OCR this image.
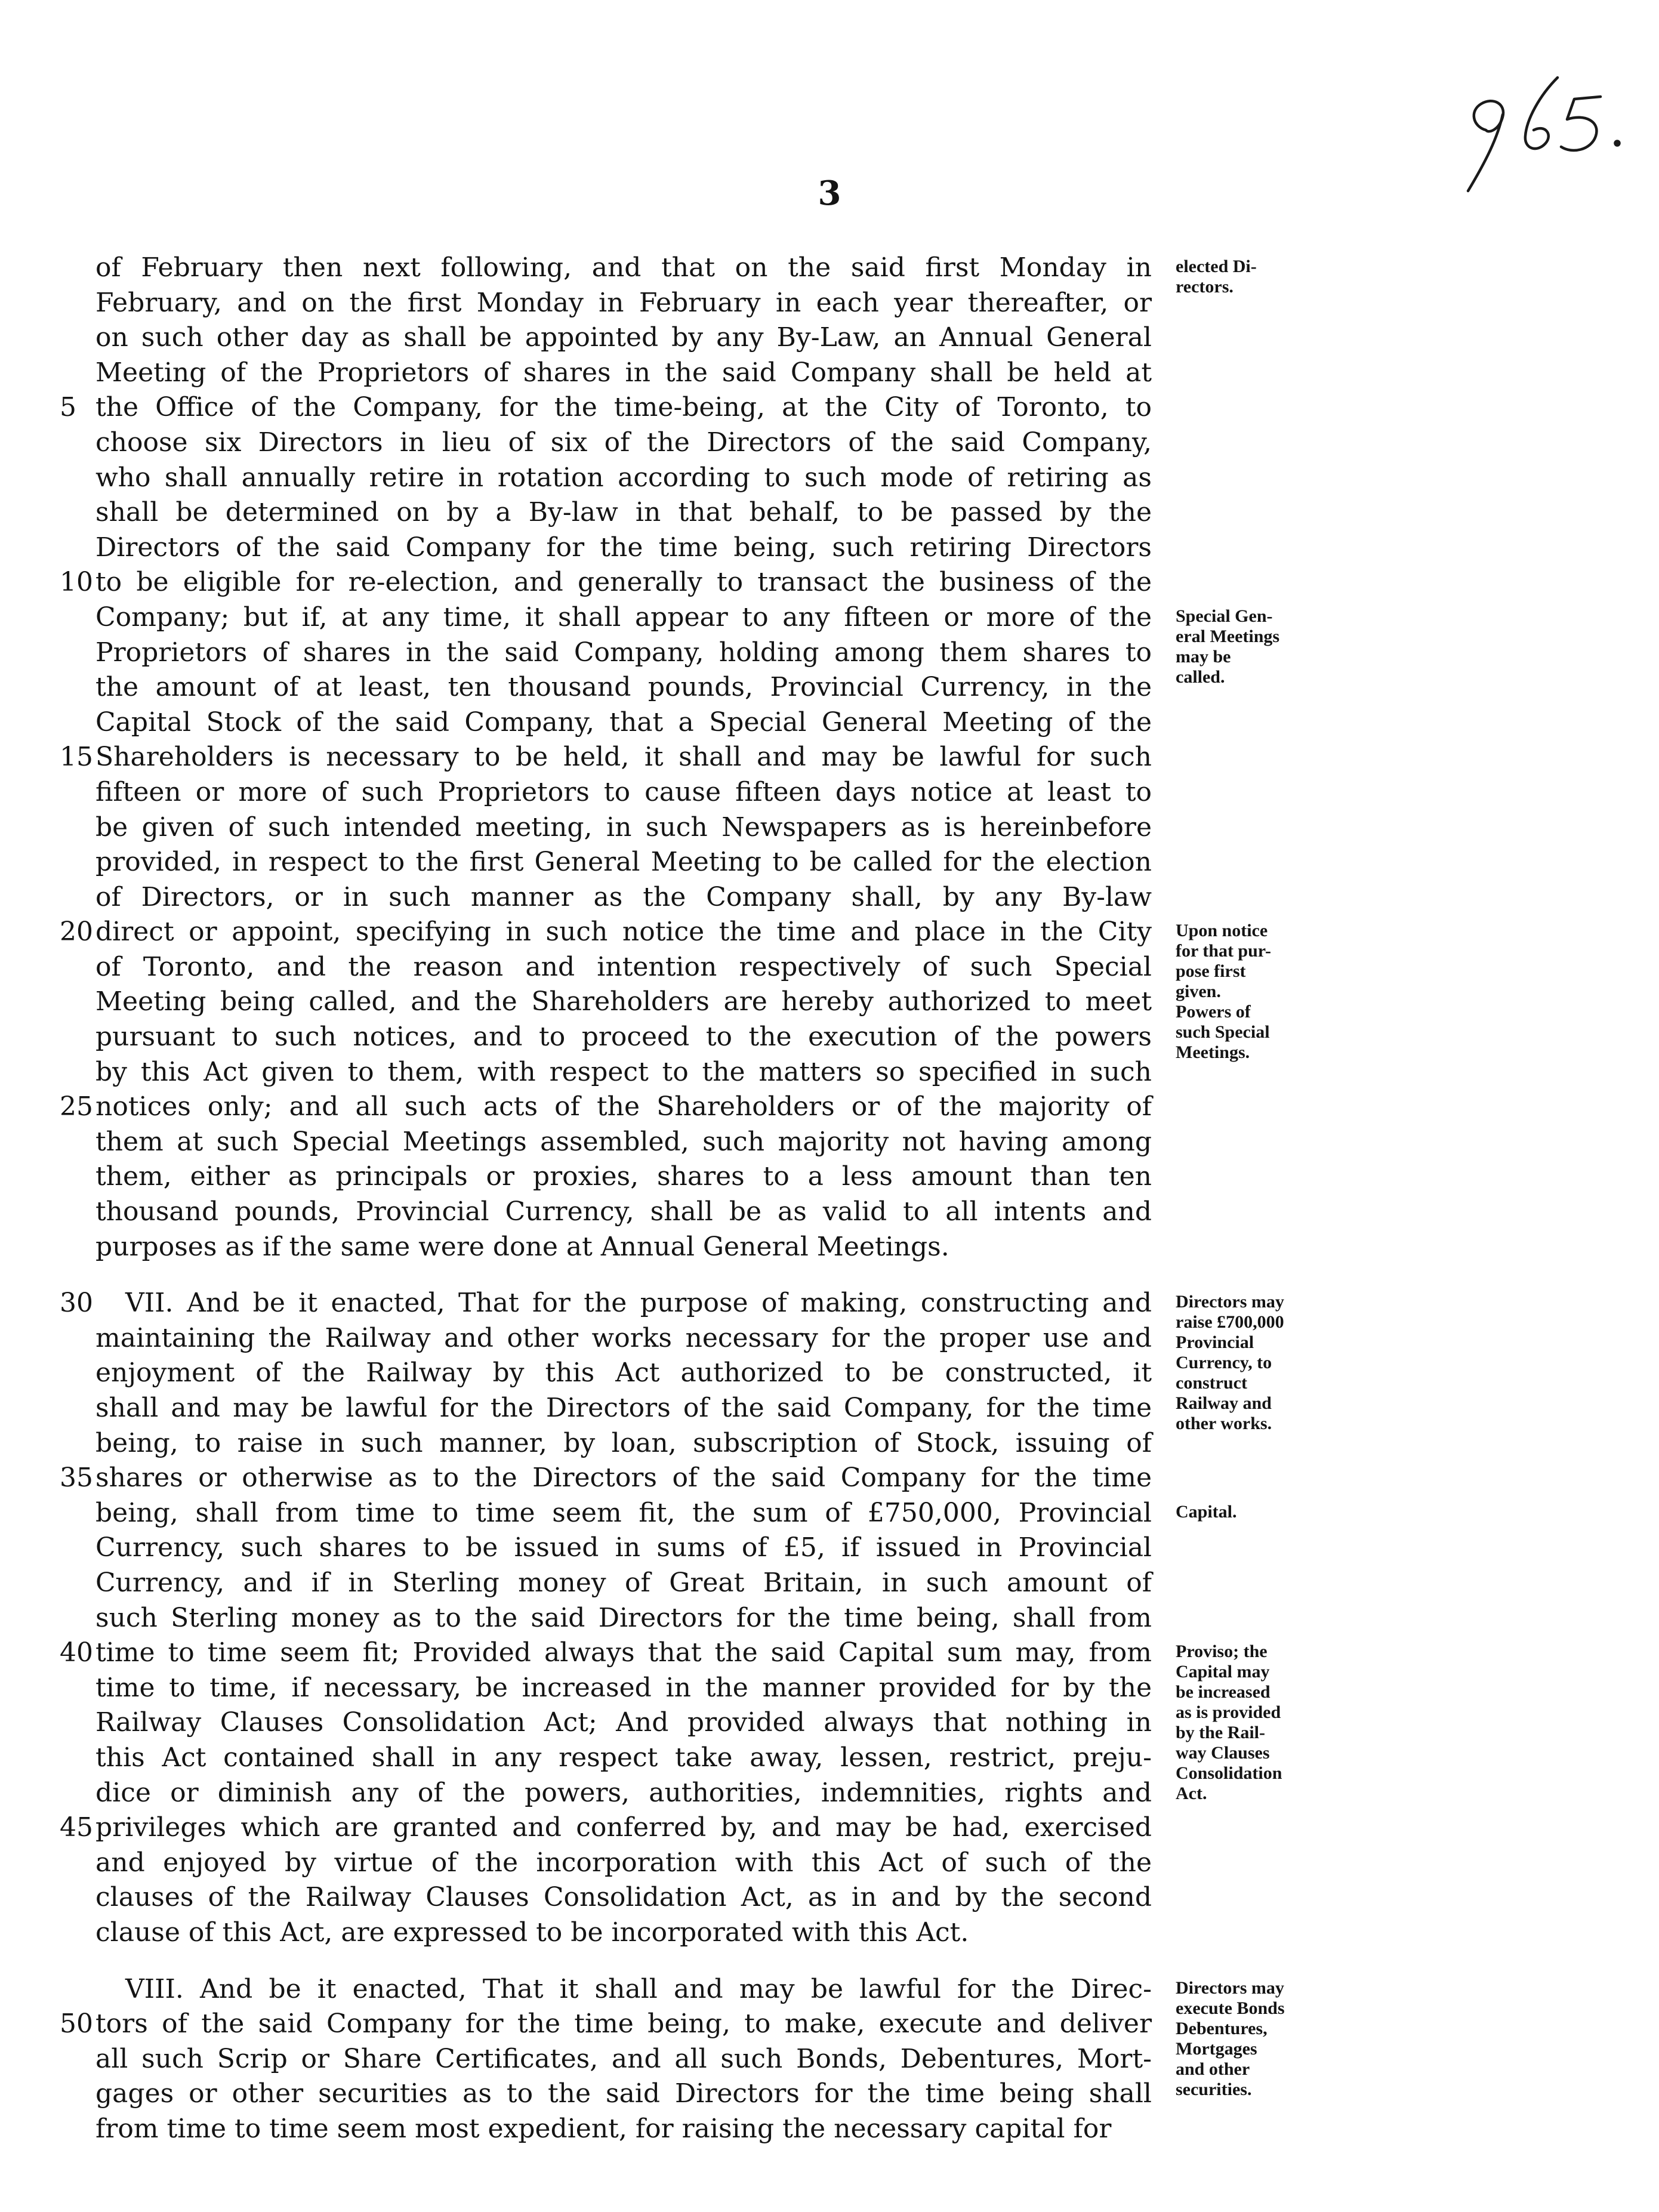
3
of February then next following, and that on the said first Monday in
February, and on the first Monday in February in each year thereafter, or
on such other day as shall be appointed by any By-Law, an Annual General
Meeting of the Proprietors of shares in the said Company shall be held at
5 the Office of the Company, for the time-being, at the City of Toronto, to
choose six Directors in lieu of six of the Directors of the said Company,
who shall annually retire in rotation according to such mode of retiring as
shall be determined on by a By-law in that behalf, to be passed by the
Directors of the said Company for the time being, such retiring Directors
10 to be eligible for re-election, and generally to transact the business of the
Company; but if, at any time, it shall appear to any fifteen or more of the
Proprietors of shares in the said Company, holding among them shares to
the amount of at least, ten thousand pounds, Provincial Currency, in the
Capital Stock of the said Company, that a Special General Meeting of the
15 Shareholders is necessary to be held, it shall and may be lawful for such
fifteen or more of such Proprietors to cause fifteen days notice at least to
be given of such intended meeting, in such Newspapers as is hereinbefore
provided, in respect to the first General Meeting to be called for the election
of Directors, or in such manner as the Company shall, by any By-law
20 direct or appoint, specifying in such notice the time and place in the City
of Toronto, and the reason and intention respectively of such Special
Meeting being called, and the Shareholders are hereby authorized to meet
pursuant to such notices, and to proceed to the execution of the powers
by this Act given to them, with respect to the matters so specified in such
25 notices only; and all such acts of the Shareholders or of the majority of
them at such Special Meetings assembled, such majority not having among
them, either as principals or proxies, shares to a less amount than ten
thousand pounds, Provincial Currency, shall be as valid to all intents and
purposes as if the same were done at Annual General Meetings.
elected Di-
rectors.
Special Gen-
eral Meetings
may be
called.
Upon notice
for that pur-
pose first
given.
Powers of
such Special
Meetings.
30 VII. And be it enacted, That for the purpose of making, constructing and
maintaining the Railway and other works necessary for the proper use and
enjoyment of the Railway by this Act authorized to be constructed, it
shall and may be lawful for the Directors of the said Company, for the time
being, to raise in such manner, by loan, subscription of Stock, issuing of
35 shares or otherwise as to the Directors of the said Company for the time
being, shall from time to time seem fit, the sum of £750,000, Provincial
Currency, such shares to be issued in sums of £5, if issued in Provincial
Currency, and if in Sterling money of Great Britain, in such amount of
such Sterling money as to the said Directors for the time being, shall from
40 time to time seem fit; Provided always that the said Capital sum may, from
time to time, if necessary, be increased in the manner provided for by the
Railway Clauses Consolidation Act; And provided always that nothing in
this Act contained shall in any respect take away, lessen, restrict, preju-
dice or diminish any of the powers, authorities, indemnities, rights and
45 privileges which are granted and conferred by, and may be had, exercised
and enjoyed by virtue of the incorporation with this Act of such of the
clauses of the Railway Clauses Consolidation Act, as in and by the second
clause of this Act, are expressed to be incorporated with this Act.
Directors may
raise £700,000
Provincial
Currency, to
construct
Railway and
other works.
Capital.
Proviso; the
Capital may
be increased
as is provided
by the Rail-
way Clauses
Consolidation
Act.
VIII. And be it enacted, That it shall and may be lawful for the Direc-
50 tors of the said Company for the time being, to make, execute and deliver
all such Scrip or Share Certificates, and all such Bonds, Debentures, Mort-
gages or other securities as to the said Directors for the time being shall
from time to time seem most expedient, for raising the necessary capital for
Directors may
execute Bonds
Debentures,
Mortgages
and other
securities.
